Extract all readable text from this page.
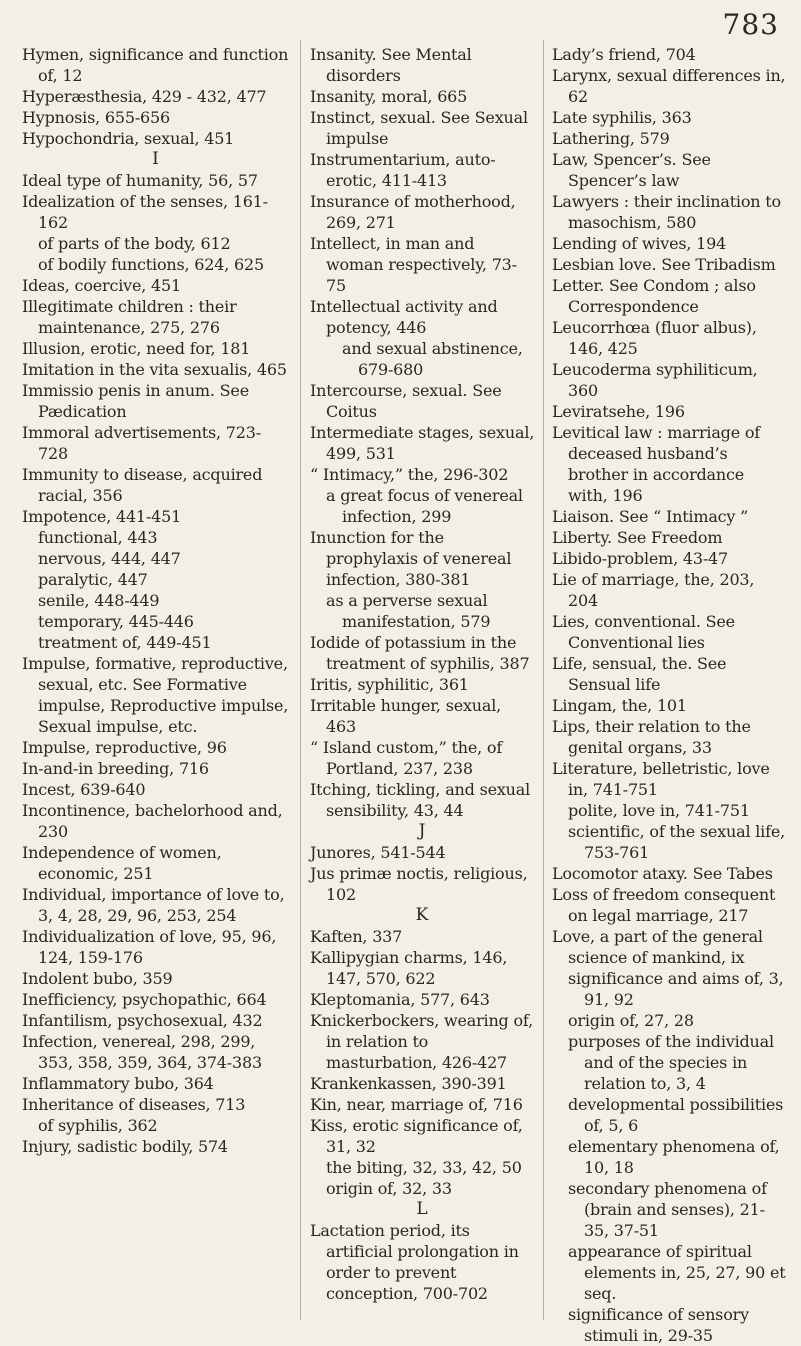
783
Hymen, significance and function of, 12
Hyperæsthesia, 429 - 432, 477
Hypnosis, 655-656
Hypochondria, sexual, 451
I
Ideal type of humanity, 56, 57
Idealization of the senses, 161-162
of parts of the body, 612
of bodily functions, 624, 625
Ideas, coercive, 451
Illegitimate children : their maintenance, 275, 276
Illusion, erotic, need for, 181
Imitation in the vita sexualis, 465
Immissio penis in anum. See Pædication
Immoral advertisements, 723-728
Immunity to disease, acquired racial, 356
Impotence, 441-451
functional, 443
nervous, 444, 447
paralytic, 447
senile, 448-449
temporary, 445-446
treatment of, 449-451
Impulse, formative, reproductive, sexual, etc. See Formative impulse, Reproductive impulse, Sexual impulse, etc.
Impulse, reproductive, 96
In-and-in breeding, 716
Incest, 639-640
Incontinence, bachelorhood and, 230
Independence of women, economic, 251
Individual, importance of love to, 3, 4, 28, 29, 96, 253, 254
Individualization of love, 95, 96, 124, 159-176
Indolent bubo, 359
Inefficiency, psychopathic, 664
Infantilism, psychosexual, 432
Infection, venereal, 298, 299, 353, 358, 359, 364, 374-383
Inflammatory bubo, 364
Inheritance of diseases, 713
of syphilis, 362
Injury, sadistic bodily, 574
Insanity. See Mental disorders
Insanity, moral, 665
Instinct, sexual. See Sexual impulse
Instrumentarium, auto-erotic, 411-413
Insurance of motherhood, 269, 271
Intellect, in man and woman respectively, 73-75
Intellectual activity and potency, 446
and sexual abstinence, 679-680
Intercourse, sexual. See Coitus
Intermediate stages, sexual, 499, 531
“ Intimacy,” the, 296-302
a great focus of venereal infection, 299
Inunction for the prophylaxis of venereal infection, 380-381
as a perverse sexual manifestation, 579
Iodide of potassium in the treatment of syphilis, 387
Iritis, syphilitic, 361
Irritable hunger, sexual, 463
“ Island custom,” the, of Portland, 237, 238
Itching, tickling, and sexual sensibility, 43, 44
J
Junores, 541-544
Jus primæ noctis, religious, 102
K
Kaften, 337
Kallipygian charms, 146, 147, 570, 622
Kleptomania, 577, 643
Knickerbockers, wearing of, in relation to masturbation, 426-427
Krankenkassen, 390-391
Kin, near, marriage of, 716
Kiss, erotic significance of, 31, 32
the biting, 32, 33, 42, 50
origin of, 32, 33
L
Lactation period, its artificial prolongation in order to prevent conception, 700-702
Lady’s friend, 704
Larynx, sexual differences in, 62
Late syphilis, 363
Lathering, 579
Law, Spencer’s. See Spencer’s law
Lawyers : their inclination to masochism, 580
Lending of wives, 194
Lesbian love. See Tribadism
Letter. See Condom ; also Correspondence
Leucorrhœa (fluor albus), 146, 425
Leucoderma syphiliticum, 360
Leviratsehe, 196
Levitical law : marriage of deceased husband’s brother in accordance with, 196
Liaison. See “ Intimacy ”
Liberty. See Freedom
Libido-problem, 43-47
Lie of marriage, the, 203, 204
Lies, conventional. See Conventional lies
Life, sensual, the. See Sensual life
Lingam, the, 101
Lips, their relation to the genital organs, 33
Literature, belletristic, love in, 741-751
polite, love in, 741-751
scientific, of the sexual life, 753-761
Locomotor ataxy. See Tabes
Loss of freedom consequent on legal marriage, 217
Love, a part of the general science of mankind, ix
significance and aims of, 3, 91, 92
origin of, 27, 28
purposes of the individual and of the species in relation to, 3, 4
developmental possibilities of, 5, 6
elementary phenomena of, 10, 18
secondary phenomena of (brain and senses), 21-35, 37-51
appearance of spiritual elements in, 25, 27, 90 et seq.
significance of sensory stimuli in, 29-35
